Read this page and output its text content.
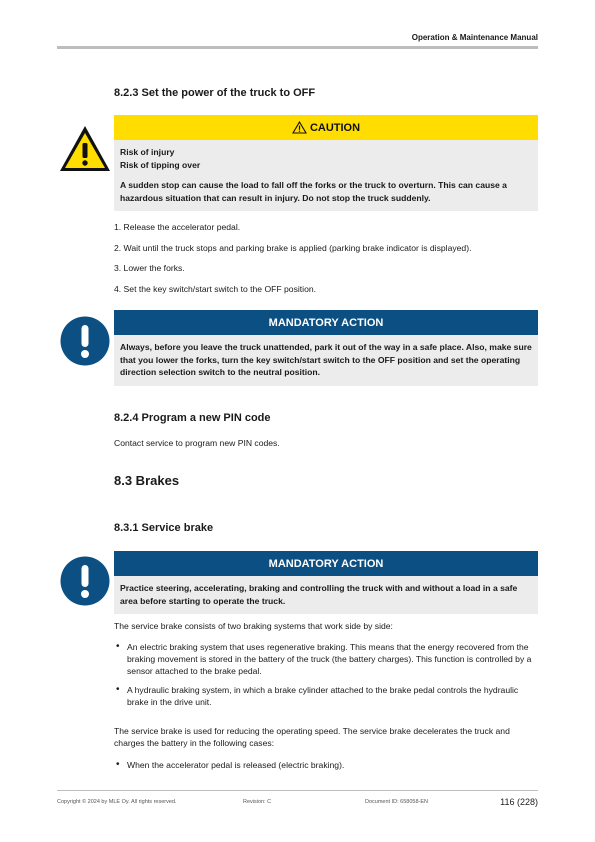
Operation & Maintenance Manual
8.2.3 Set the power of the truck to OFF
CAUTION

Risk of injury

Risk of tipping over

A sudden stop can cause the load to fall off the forks or the truck to overturn. This can cause a hazardous situation that can result in injury. Do not stop the truck suddenly.

1. Release the accelerator pedal.
2. Wait until the truck stops and parking brake is applied (parking brake indicator is displayed).
3. Lower the forks.
4. Set the key switch/start switch to the OFF position.
MANDATORY ACTION

Always, before you leave the truck unattended, park it out of the way in a safe place. Also, make sure that you lower the forks, turn the key switch/start switch to the OFF position and set the operating direction selection switch to the neutral position.

8.2.4 Program a new PIN code
Contact service to program new PIN codes.
8.3 Brakes
8.3.1 Service brake
MANDATORY ACTION

Practice steering, accelerating, braking and controlling the truck with and without a load in a safe area before starting to operate the truck.

The service brake consists of two braking systems that work side by side:
• An electric braking system that uses regenerative braking. This means that the energy recovered from the braking movement is stored in the battery of the truck (the battery charges). This function is controlled by a sensor attached to the brake pedal.
• A hydraulic braking system, in which a brake cylinder attached to the brake pedal controls the hydraulic brake in the drive unit.
The service brake is used for reducing the operating speed. The service brake decelerates the truck and charges the battery in the following cases:
• When the accelerator pedal is released (electric braking).
Copyright © 2024 by MLE Oy. All rights reserved.	Revision: C	Document ID: 658058-EN	116 (228)
